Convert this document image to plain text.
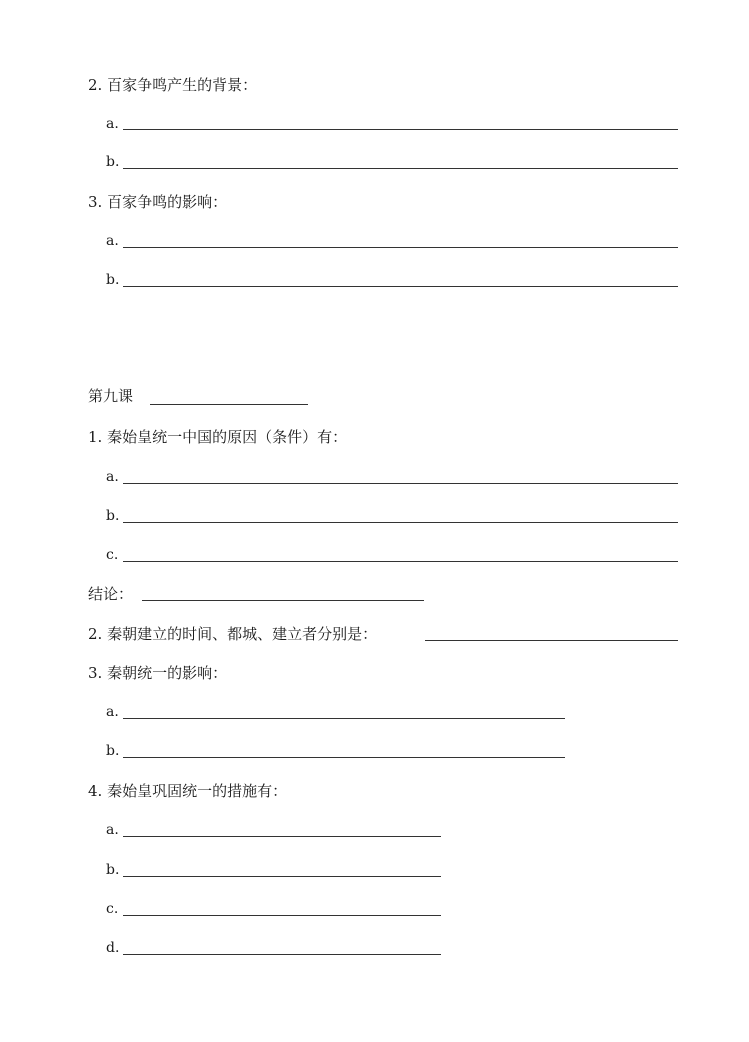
2. 百家争鸣产生的背景：
a.
b.
3. 百家争鸣的影响：
a.
b.
第九课
1. 秦始皇统一中国的原因（条件）有：
a.
b.
c.
结论：
2. 秦朝建立的时间、都城、建立者分别是：
3. 秦朝统一的影响：
a.
b.
4. 秦始皇巩固统一的措施有：
a.
b.
c.
d.
